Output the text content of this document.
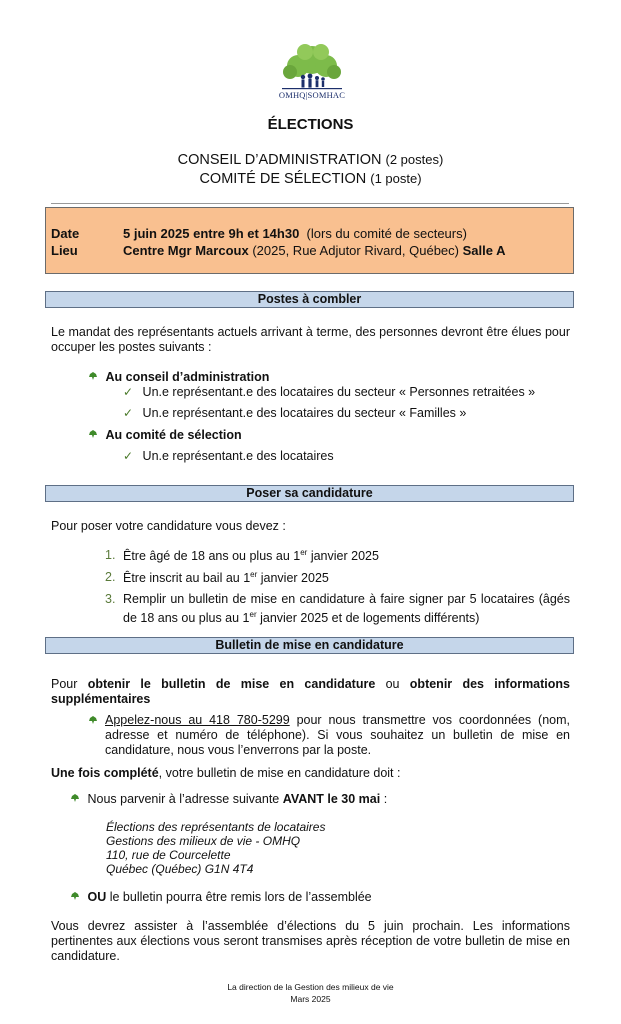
OMHQ|SOMHAC
ÉLECTIONS
CONSEIL D’ADMINISTRATION (2 postes)
COMITÉ DE SÉLECTION (1 poste)
Date	5 juin 2025 entre 9h et 14h30 (lors du comité de secteurs)
Lieu	Centre Mgr Marcoux (2025, Rue Adjutor Rivard, Québec) Salle A
Postes à combler
Le mandat des représentants actuels arrivant à terme, des personnes devront être élues pour occuper les postes suivants :
Au conseil d’administration
✓ Un.e représentant.e des locataires du secteur « Personnes retraitées »
✓ Un.e représentant.e des locataires du secteur « Familles »
Au comité de sélection
✓ Un.e représentant.e des locataires
Poser sa candidature
Pour poser votre candidature vous devez :
1. Être âgé de 18 ans ou plus au 1er janvier 2025
2. Être inscrit au bail au 1er janvier 2025
3. Remplir un bulletin de mise en candidature à faire signer par 5 locataires (âgés de 18 ans ou plus au 1er janvier 2025 et de logements différents)
Bulletin de mise en candidature
Pour obtenir le bulletin de mise en candidature ou obtenir des informations supplémentaires
Appelez-nous au 418 780-5299 pour nous transmettre vos coordonnées (nom, adresse et numéro de téléphone). Si vous souhaitez un bulletin de mise en candidature, nous vous l’enverrons par la poste.
Une fois complété, votre bulletin de mise en candidature doit :
Nous parvenir à l’adresse suivante AVANT le 30 mai :
Élections des représentants de locataires
Gestions des milieux de vie - OMHQ
110, rue de Courcelette
Québec (Québec) G1N 4T4
OU le bulletin pourra être remis lors de l’assemblée
Vous devrez assister à l’assemblée d’élections du 5 juin prochain. Les informations pertinentes aux élections vous seront transmises après réception de votre bulletin de mise en candidature.
La direction de la Gestion des milieux de vie
Mars 2025
